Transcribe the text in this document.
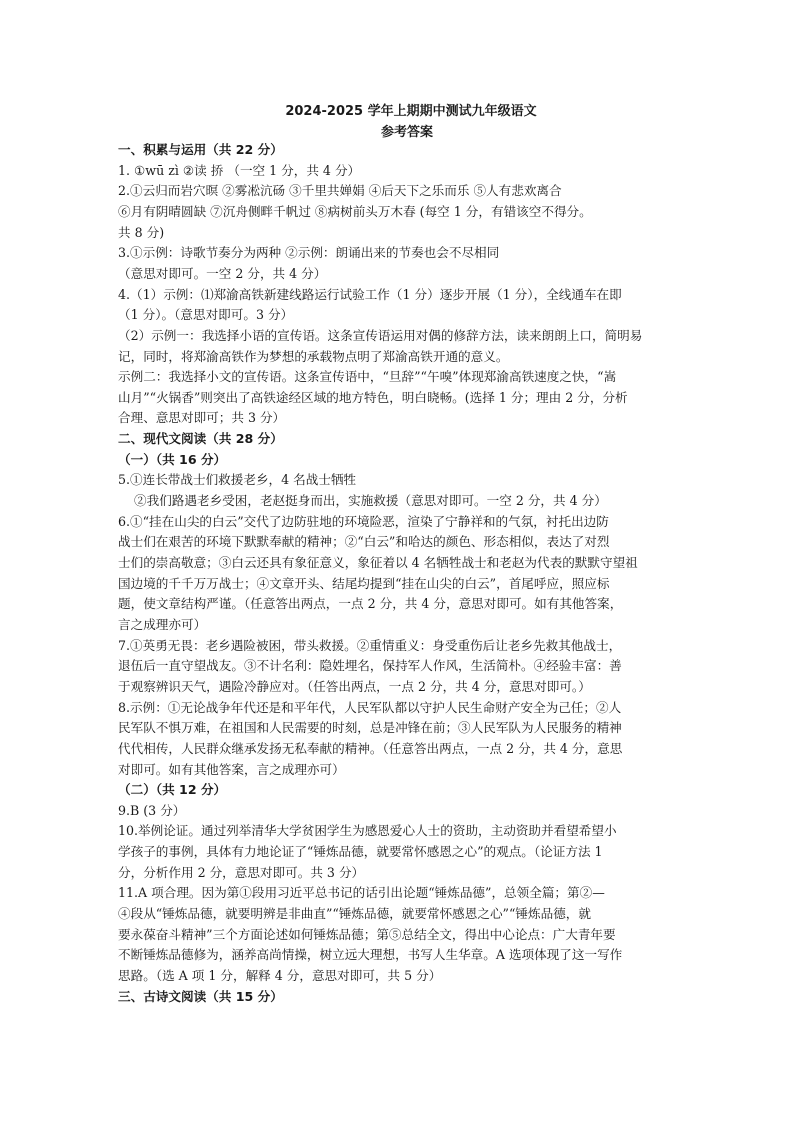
2024-2025 学年上期期中测试九年级语文
参考答案
一、积累与运用（共 22 分）
1. ①wū zì ②读 挢 （一空 1 分，共 4 分）
2.①云归而岩穴暝 ②雾凇沆砀 ③千里共婵娟 ④后天下之乐而乐 ⑤人有悲欢离合
⑥月有阴晴圆缺 ⑦沉舟侧畔千帆过 ⑧病树前头万木春 (每空 1 分，有错该空不得分。
共 8 分)
3.①示例：诗歌节奏分为两种 ②示例：朗诵出来的节奏也会不尽相同
（意思对即可。一空 2 分，共 4 分）
4.（1）示例：⑴郑渝高铁新建线路运行试验工作（1 分）逐步开展（1 分），全线通车在即
（1 分）。（意思对即可。3 分）
（2）示例一：我选择小语的宣传语。这条宣传语运用对偶的修辞方法，读来朗朗上口，简明易
记，同时，将郑渝高铁作为梦想的承载物点明了郑渝高铁开通的意义。
示例二：我选择小文的宣传语。这条宣传语中，“旦辞”“午嗅”体现郑渝高铁速度之快，“嵩
山月”“火锅香”则突出了高铁途经区域的地方特色，明白晓畅。(选择 1 分；理由 2 分，分析
合理、意思对即可；共 3 分）
二、现代文阅读（共 28 分）
（一）（共 16 分）
5.①连长带战士们救援老乡，4 名战士牺牲
②我们路遇老乡受困，老赵挺身而出，实施救援（意思对即可。一空 2 分，共 4 分）
6.①“挂在山尖的白云”交代了边防驻地的环境险恶，渲染了宁静祥和的气氛，衬托出边防
战士们在艰苦的环境下默默奉献的精神；②“白云”和哈达的颜色、形态相似，表达了对烈
士们的崇高敬意；③白云还具有象征意义，象征着以 4 名牺牲战士和老赵为代表的默默守望祖
国边境的千千万万战士；④文章开头、结尾均提到“挂在山尖的白云”，首尾呼应，照应标
题，使文章结构严谨。（任意答出两点，一点 2 分，共 4 分，意思对即可。如有其他答案，
言之成理亦可）
7.①英勇无畏：老乡遇险被困，带头救援。②重情重义：身受重伤后让老乡先救其他战士，
退伍后一直守望战友。③不计名利：隐姓埋名，保持军人作风，生活简朴。④经验丰富：善
于观察辨识天气，遇险冷静应对。（任答出两点，一点 2 分，共 4 分，意思对即可。）
8.示例：①无论战争年代还是和平年代，人民军队都以守护人民生命财产安全为己任；②人
民军队不惧万难，在祖国和人民需要的时刻，总是冲锋在前；③人民军队为人民服务的精神
代代相传，人民群众继承发扬无私奉献的精神。（任意答出两点，一点 2 分，共 4 分，意思
对即可。如有其他答案，言之成理亦可）
（二）（共 12 分）
9.B (3 分）
10.举例论证。通过列举清华大学贫困学生为感恩爱心人士的资助，主动资助并看望希望小
学孩子的事例，具体有力地论证了“锤炼品德，就要常怀感恩之心”的观点。（论证方法 1
分，分析作用 2 分，意思对即可。共 3 分）
11.A 项合理。因为第①段用习近平总书记的话引出论题“锤炼品德”，总领全篇；第②—
④段从“锤炼品德，就要明辨是非曲直”“锤炼品德，就要常怀感恩之心”“锤炼品德，就
要永葆奋斗精神”三个方面论述如何锤炼品德；第⑤总结全文，得出中心论点：广大青年要
不断锤炼品德修为，涵养高尚情操，树立远大理想，书写人生华章。A 选项体现了这一写作
思路。（选 A 项 1 分，解释 4 分，意思对即可，共 5 分）
三、古诗文阅读（共 15 分）
